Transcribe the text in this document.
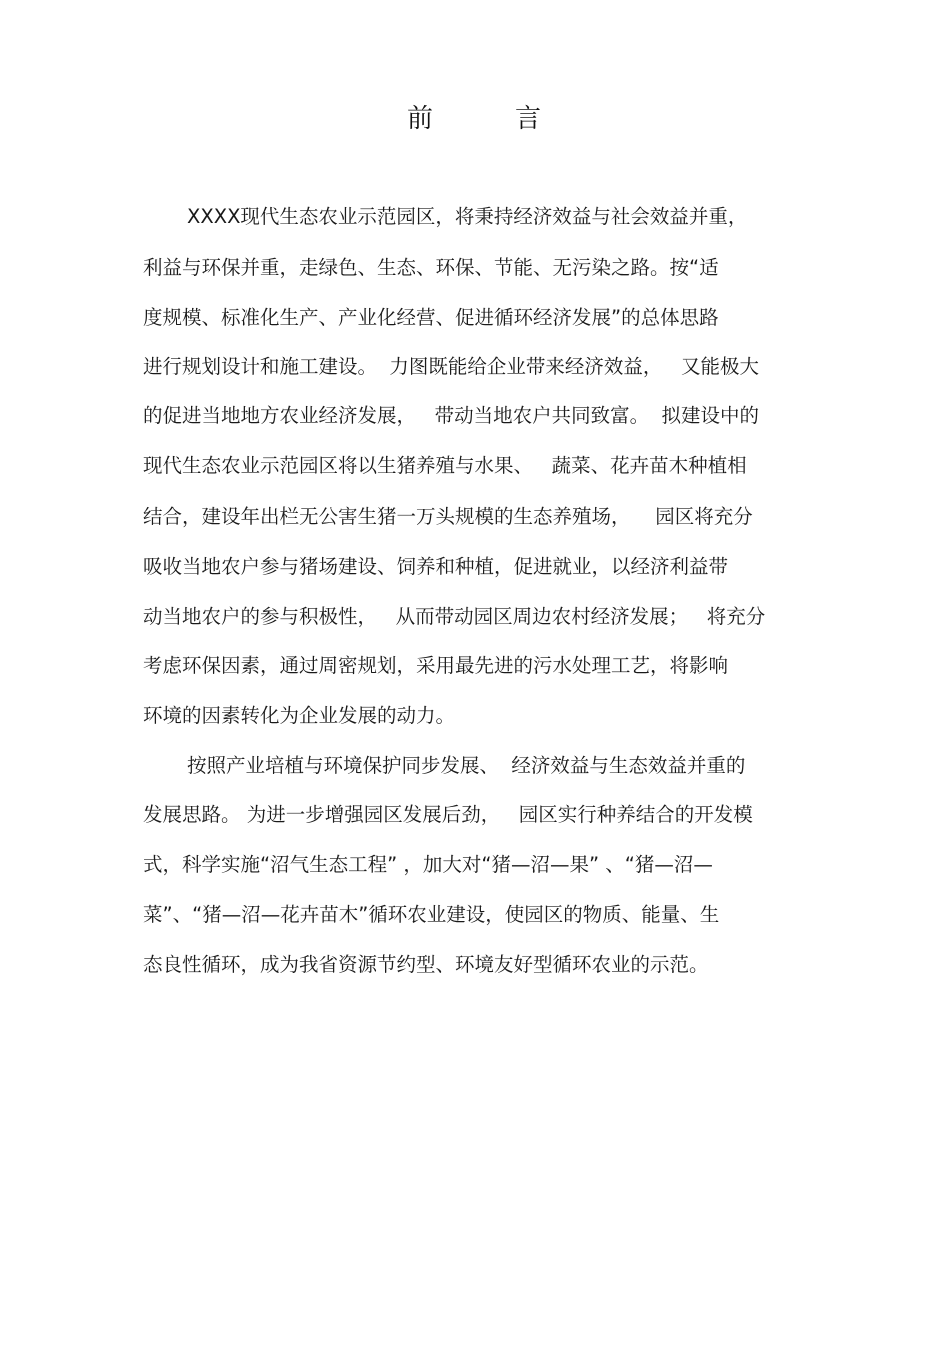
前	言
XXXX现代生态农业示范园区，将秉持经济效益与社会效益并重，
利益与环保并重，走绿色、生态、环保、节能、无污染之路。按“适
度规模、标准化生产、产业化经营、促进循环经济发展”的总体思路
进行规划设计和施工建设。  力图既能给企业带来经济效益，   又能极大
的促进当地地方农业经济发展，   带动当地农户共同致富。  拟建设中的
现代生态农业示范园区将以生猪养殖与水果、   蔬菜、花卉苗木种植相
结合，建设年出栏无公害生猪一万头规模的生态养殖场，    园区将充分
吸收当地农户参与猪场建设、饲养和种植，促进就业，以经济利益带
动当地农户的参与积极性，   从而带动园区周边农村经济发展；   将充分
考虑环保因素，通过周密规划，采用最先进的污水处理工艺，将影响
环境的因素转化为企业发展的动力。
按照产业培植与环境保护同步发展、  经济效益与生态效益并重的
发展思路。 为进一步增强园区发展后劲，   园区实行种养结合的开发模
式，科学实施“沼气生态工程” ，加大对“猪—沼—果” 、“猪—沼—
菜”、“猪—沼—花卉苗木”循环农业建设，使园区的物质、能量、生
态良性循环，成为我省资源节约型、环境友好型循环农业的示范。
